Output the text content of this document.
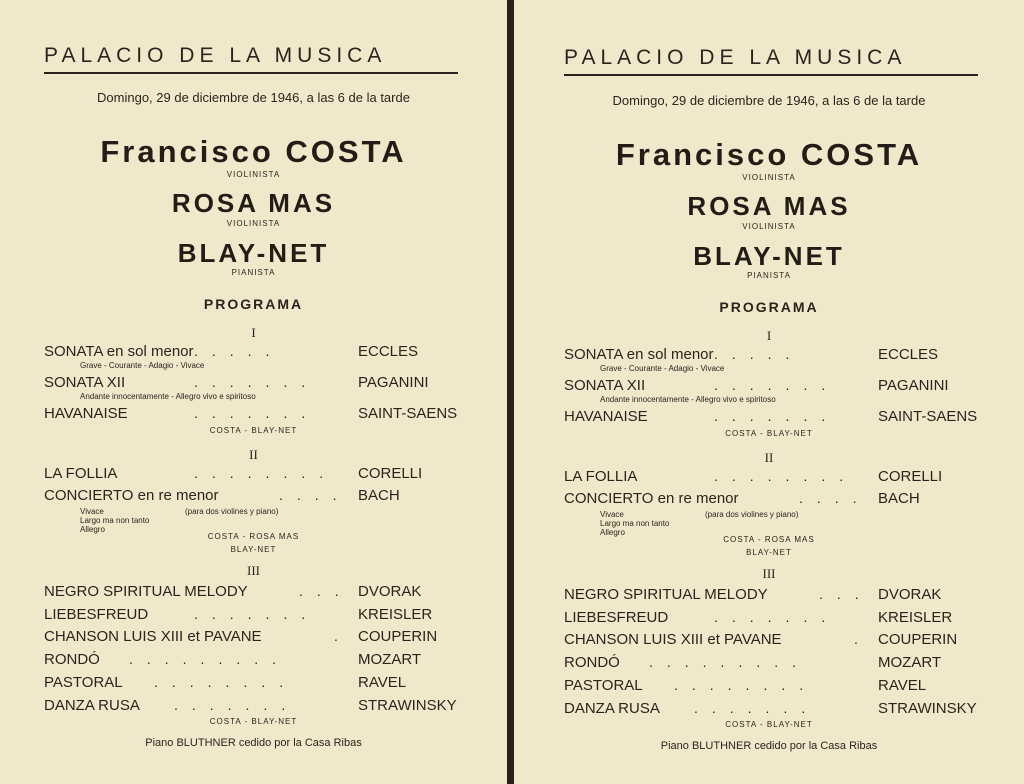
PALACIO DE LA MUSICA
Domingo, 29 de diciembre de 1946, a las 6 de la tarde
Francisco COSTA
VIOLINISTA
ROSA MAS
VIOLINISTA
BLAY-NET
PIANISTA
PROGRAMA
I
SONATA en sol menor .....	ECCLES
Grave - Courante - Adagio - Vivace
SONATA XII	.......	PAGANINI
Andante innocentamente - Allegro vivo e spiritoso
HAVANAISE	.......	SAINT-SAENS
COSTA - BLAY-NET
II
LA FOLLIA	........	CORELLI
CONCIERTO en re menor	.... BACH
Vivace	(para dos violines y piano)
Largo ma non tanto
Allegro
COSTA - ROSA MAS
BLAY-NET
III
NEGRO SPIRITUAL MELODY	... DVORAK
LIEBESFREUD	.......	KREISLER
CHANSON LUIS XIII et PAVANE	. COUPERIN
RONDÓ .........	MOZART
PASTORAL ........	RAVEL
DANZA RUSA .......	STRAWINSKY
COSTA - BLAY-NET
Piano BLUTHNER cedido por la Casa Ribas
PALACIO DE LA MUSICA
Domingo, 29 de diciembre de 1946, a las 6 de la tarde
Francisco COSTA
VIOLINISTA
ROSA MAS
VIOLINISTA
BLAY-NET
PIANISTA
PROGRAMA
I
SONATA en sol menor .....	ECCLES
Grave - Courante - Adagio - Vivace
SONATA XII	.......	PAGANINI
Andante innocentamente - Allegro vivo e spiritoso
HAVANAISE	.......	SAINT-SAENS
COSTA - BLAY-NET
II
LA FOLLIA	........	CORELLI
CONCIERTO en re menor	.... BACH
Vivace	(para dos violines y piano)
Largo ma non tanto
Allegro
COSTA - ROSA MAS
BLAY-NET
III
NEGRO SPIRITUAL MELODY	... DVORAK
LIEBESFREUD	.......	KREISLER
CHANSON LUIS XIII et PAVANE	. COUPERIN
RONDÓ .........	MOZART
PASTORAL ........	RAVEL
DANZA RUSA .......	STRAWINSKY
COSTA - BLAY-NET
Piano BLUTHNER cedido por la Casa Ribas
